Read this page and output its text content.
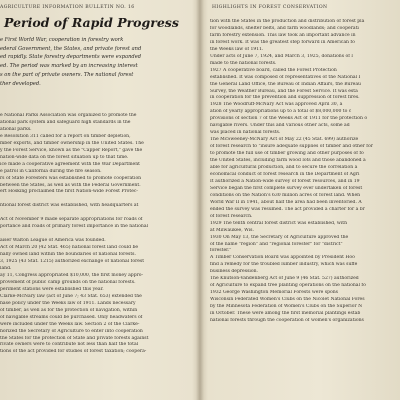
AGRICULTURE INFORMATION BULLETIN NO. 16
Period of Rapid Progress
e First World War, cooperation in forestry work
ederal Government, the States, and private forest and
ed rapidly. State forestry departments were expanded
ed. The period was marked by an increasing interest
s on the part of private owners. The national forest
ther developed.
e National Parks Association was organized to promote the
ational park system and safeguard high standards in the
ational parks.
e Resolution 311 called for a report on timber depletion,
mber exports, and timber ownership in the United States. The
y the Forest Service, known as the "Capper Report," gave the
nation-wide data on the forest situation up to that time.
ice made a cooperative agreement with the War Department
e patrol in California during the fire season.
rs of State Foresters was established to promote cooperation
between the States, as well as with the Federal Government.
ert Hosking proclaimed the first Nation-wide Forest Protec-

ntional forest district was established, with headquarters at

Act of November 9 made separate appropriations for roads of
portance and roads of primary forest importance in the national

aiser Walton League of America was founded.
Act of March 20 (42 Stat. 465) national forest land could be
nally owned land within the boundaries of national forests.
3, 1925 (43 Stat. 1215) authorized exchange of national forest
land.
ay 11, Congress appropriated $10,000, the first money appro-
provement of public camp grounds on the national forests.
periment stations were established this year.
Clarke-McNary law (act of June 7; 43 Stat. 653) extended the
hase policy under the Weeks law of 1911. Lands necessary
of timber, as well as for the protection of navigation, within
of navigable streams could be purchased. Only headwaters of
were included under the Weeks law. Section 2 of the Clarke-
horized the Secretary of Agriculture to enter into cooperation
the States for the protection of State and private forests against
rivate owners were to contribute not less than half the total
tions of the act provided for studies of forest taxation; coopera-
HIGHLIGHTS IN FOREST CONSERVATION
tion with the States in the production and distribution of forest pla
for woodlands, shelter belts, and farm woodlands; and cooperati
farm forestry extension. This law took an important advance in
in forest work. It was the greatest step forward in American fo
the Weeks law of 1911.
Under acts of June 7, 1924, and March 3, 1925, donations of l
made to the national forests.
1927 A cooperative board, called the Forest Protection
established. It was composed of representatives of the National I
the General Land Office, the Bureau of Indian Affairs, the Bureau
Survey, the Weather Bureau, and the Forest Service. It was esta
in cooperation for the prevention and suppression of forest fires.
1928 The Woodruff-McNary Act was approved April 30, a
ation of yearly appropriations up to a total of $8,000,000 to c
provisions of section 7 of the Weeks Act of 1911 for the protection o
navigable rivers. Under this and various other acts, some ad
was placed in national forests.
The McSweeney-McNary Act of May 22 (45 Stat. 699) authorize
of forest research to "insure adequate supplies of timber and other for
to promote the full use of timber growing and other purposes of fo
the United States, including farm wood lots and those abandoned a
able for agricultural production, and to secure the correlation a
economical conduct of forest research in the Department of Agri
It authorized a Nation-wide survey of forest resources, and in 19
Service began the first complete survey ever undertaken of forest
conditions on the Nation's 630 million acres of forest land. When
World War II in 1941, about half the area had been inventoried. A
ended the survey was resumed. The act provided a charter for a br
of forest research.
1929 The tenth central forest district was established, with
at Milwaukee, Wis.
1930 On May 13, the Secretary of Agriculture approved the
of the name "region" and "regional forester" for "district"
forester."
A Timber Conservation Board was appointed by President Hoo
find a remedy for the troubled lumber industry, which was suffe
business depression.
The Knutson-Vandenberg Act of June 9 (46 Stat. 527) authorized
of Agriculture to expand tree planting operations on the national fo
1932 George Washington Memorial Forests were spons
Wisconsin Federated Women's Clubs on the Nicolet National Fores
by the Minnesota Federation of Women's Clubs on the Superior N
in October. These were among the first memorial plantings estab
national forests through the cooperation of women's organizations
